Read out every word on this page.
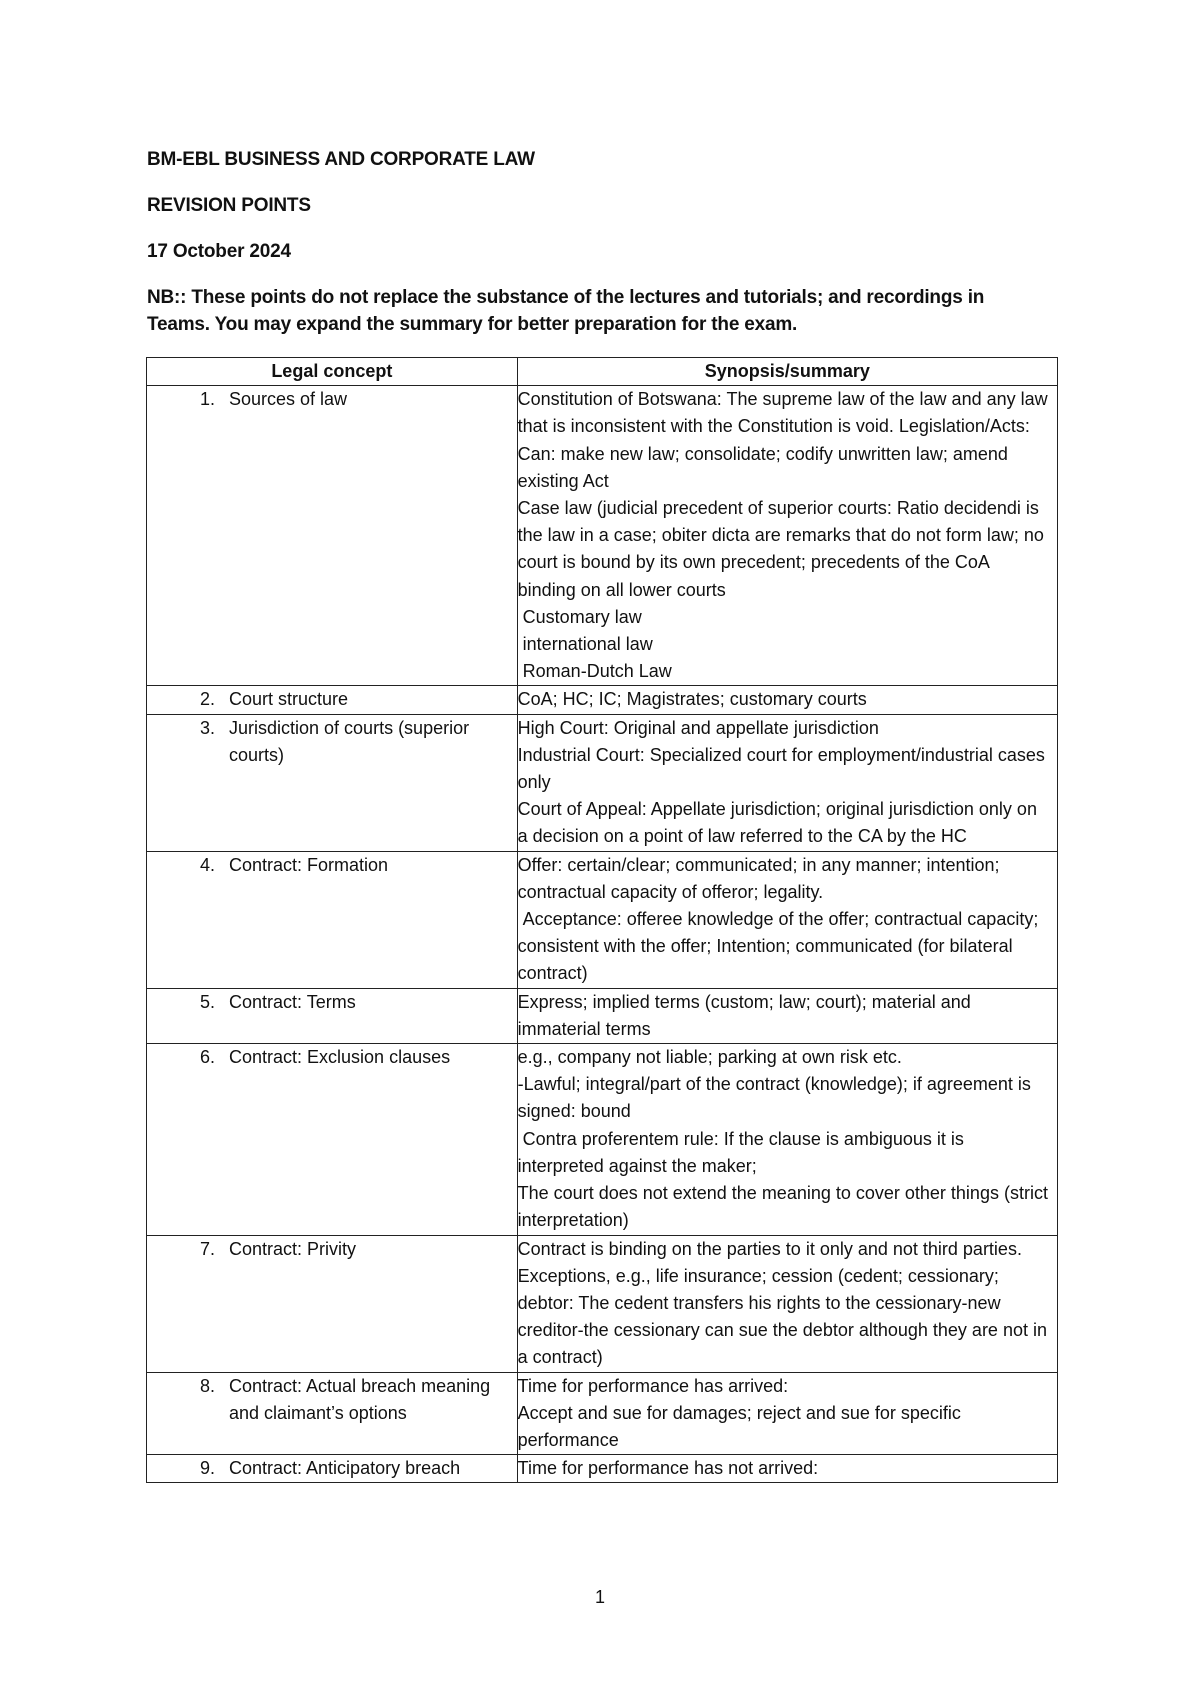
BM-EBL BUSINESS AND CORPORATE LAW
REVISION POINTS
17 October 2024
NB:: These points do not replace the substance of the lectures and tutorials; and recordings in Teams. You may expand the summary for better preparation for the exam.
Legal concept	Synopsis/summary

1. Sources of law	Constitution of Botswana: The supreme law of the law and any law that is inconsistent with the Constitution is void. Legislation/Acts: Can: make new law; consolidate; codify unwritten law; amend existing Act
Case law (judicial precedent of superior courts: Ratio decidendi is the law in a case; obiter dicta are remarks that do not form law; no court is bound by its own precedent; precedents of the CoA binding on all lower courts
Customary law
international law
Roman-Dutch Law

2. Court structure	CoA; HC; IC; Magistrates; customary courts

3. Jurisdiction of courts (superior courts)	High Court: Original and appellate jurisdiction
Industrial Court: Specialized court for employment/industrial cases only
Court of Appeal: Appellate jurisdiction; original jurisdiction only on a decision on a point of law referred to the CA by the HC

4. Contract: Formation	Offer: certain/clear; communicated; in any manner; intention; contractual capacity of offeror; legality.
Acceptance: offeree knowledge of the offer; contractual capacity; consistent with the offer; Intention; communicated (for bilateral contract)

5. Contract: Terms	Express; implied terms (custom; law; court); material and immaterial terms

6. Contract: Exclusion clauses	e.g., company not liable; parking at own risk etc.
-Lawful; integral/part of the contract (knowledge); if agreement is signed: bound
Contra proferentem rule: If the clause is ambiguous it is interpreted against the maker;
The court does not extend the meaning to cover other things (strict interpretation)

7. Contract: Privity	Contract is binding on the parties to it only and not third parties. Exceptions, e.g., life insurance; cession (cedent; cessionary; debtor: The cedent transfers his rights to the cessionary-new creditor-the cessionary can sue the debtor although they are not in a contract)

8. Contract: Actual breach meaning and claimant’s options	Time for performance has arrived:
Accept and sue for damages; reject and sue for specific performance

9. Contract: Anticipatory breach	Time for performance has not arrived:
1
